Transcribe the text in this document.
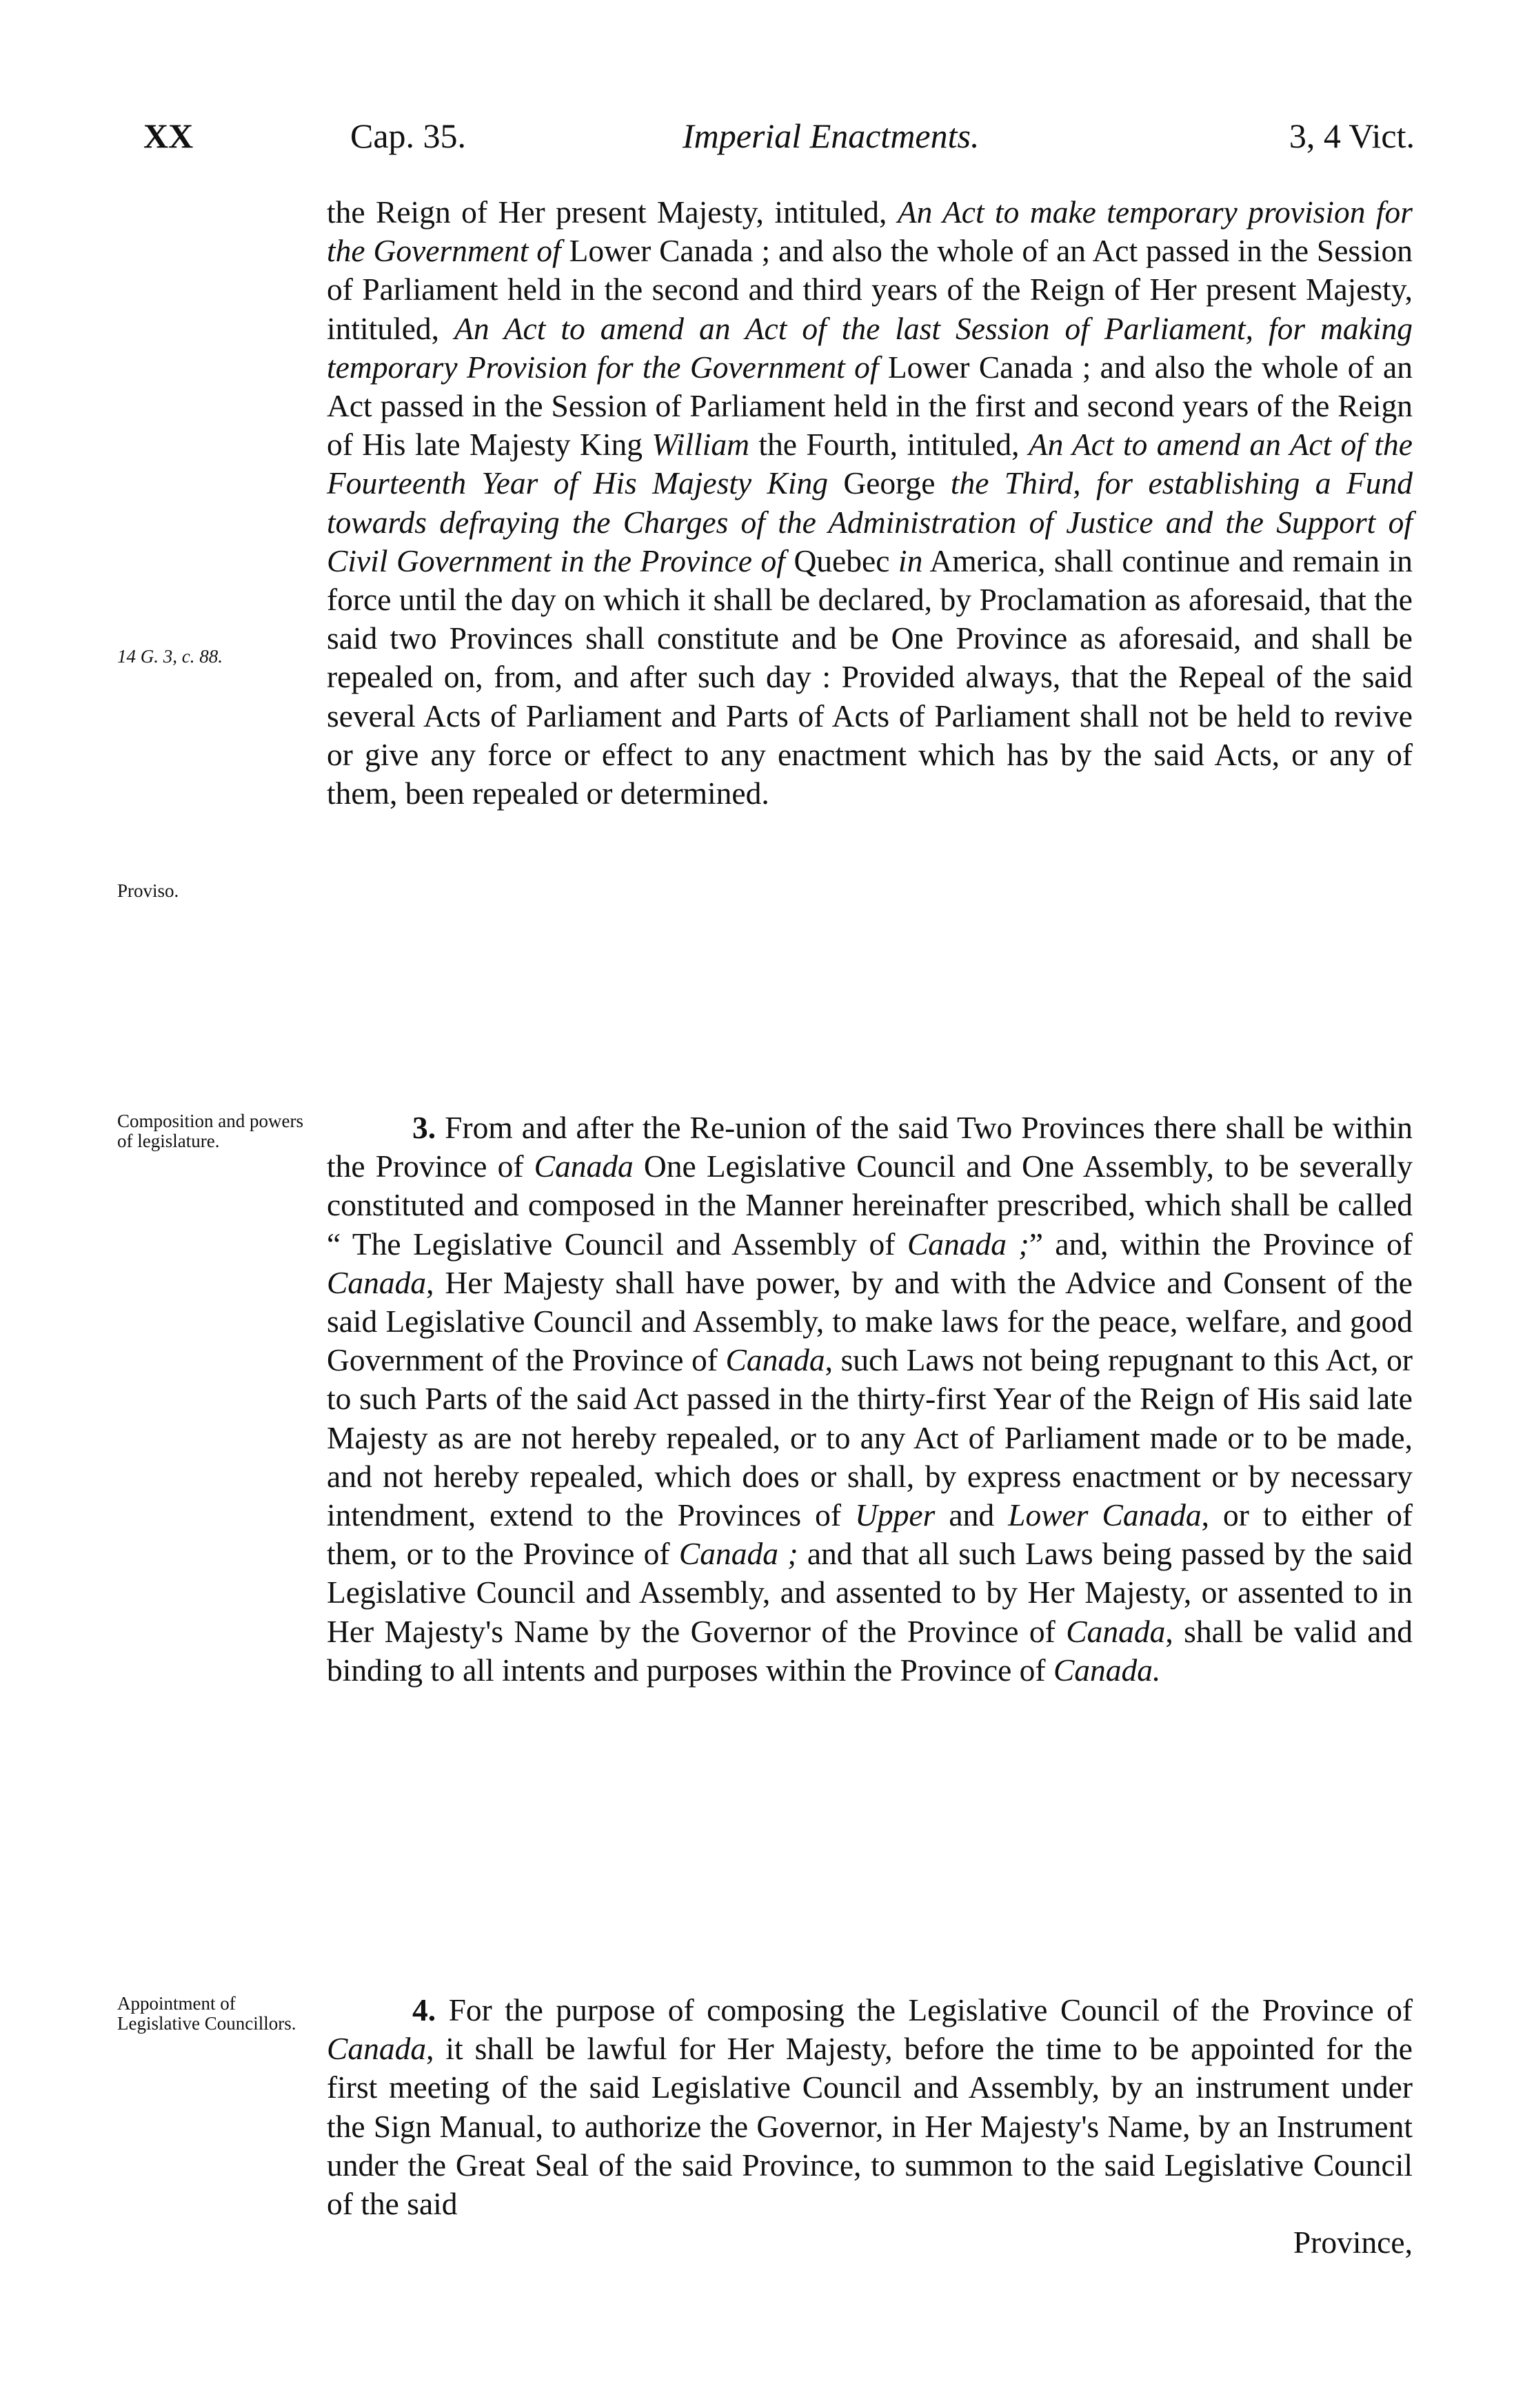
XX	Cap. 35.	Imperial Enactments.	3, 4 Vict.

14 G. 3, c. 88.

Proviso.

Composition and powers of legislature.

Appointment of Legislative Councillors.

the Reign of Her present Majesty, intituled, An Act to make temporary provision for the Government of Lower Canada ; and also the whole of an Act passed in the Session of Parliament held in the second and third years of the Reign of Her present Majesty, intituled, An Act to amend an Act of the last Session of Parliament, for making temporary Provision for the Government of Lower Canada ; and also the whole of an Act passed in the Session of Parliament held in the first and second years of the Reign of His late Majesty King William the Fourth, intituled, An Act to amend an Act of the Fourteenth Year of His Majesty King George the Third, for establishing a Fund towards defraying the Charges of the Administration of Justice and the Support of Civil Government in the Province of Quebec in America, shall continue and remain in force until the day on which it shall be declared, by Proclamation as aforesaid, that the said two Provinces shall constitute and be One Province as aforesaid, and shall be repealed on, from, and after such day : Provided always, that the Repeal of the said several Acts of Parliament and Parts of Acts of Parliament shall not be held to revive or give any force or effect to any enactment which has by the said Acts, or any of them, been repealed or determined.

3. From and after the Re-union of the said Two Provinces there shall be within the Province of Canada One Legislative Council and One Assembly, to be severally constituted and composed in the Manner hereinafter prescribed, which shall be called “ The Legislative Council and Assembly of Canada ;” and, within the Province of Canada, Her Majesty shall have power, by and with the Advice and Consent of the said Legislative Council and Assembly, to make laws for the peace, welfare, and good Government of the Province of Canada, such Laws not being repugnant to this Act, or to such Parts of the said Act passed in the thirty-first Year of the Reign of His said late Majesty as are not hereby repealed, or to any Act of Parliament made or to be made, and not hereby repealed, which does or shall, by express enactment or by necessary intendment, extend to the Provinces of Upper and Lower Canada, or to either of them, or to the Province of Canada ; and that all such Laws being passed by the said Legislative Council and Assembly, and assented to by Her Majesty, or assented to in Her Majesty's Name by the Governor of the Province of Canada, shall be valid and binding to all intents and purposes within the Province of Canada.

4. For the purpose of composing the Legislative Council of the Province of Canada, it shall be lawful for Her Majesty, before the time to be appointed for the first meeting of the said Legislative Council and Assembly, by an instrument under the Sign Manual, to authorize the Governor, in Her Majesty's Name, by an Instrument under the Great Seal of the said Province, to summon to the said Legislative Council of the said

Province,
